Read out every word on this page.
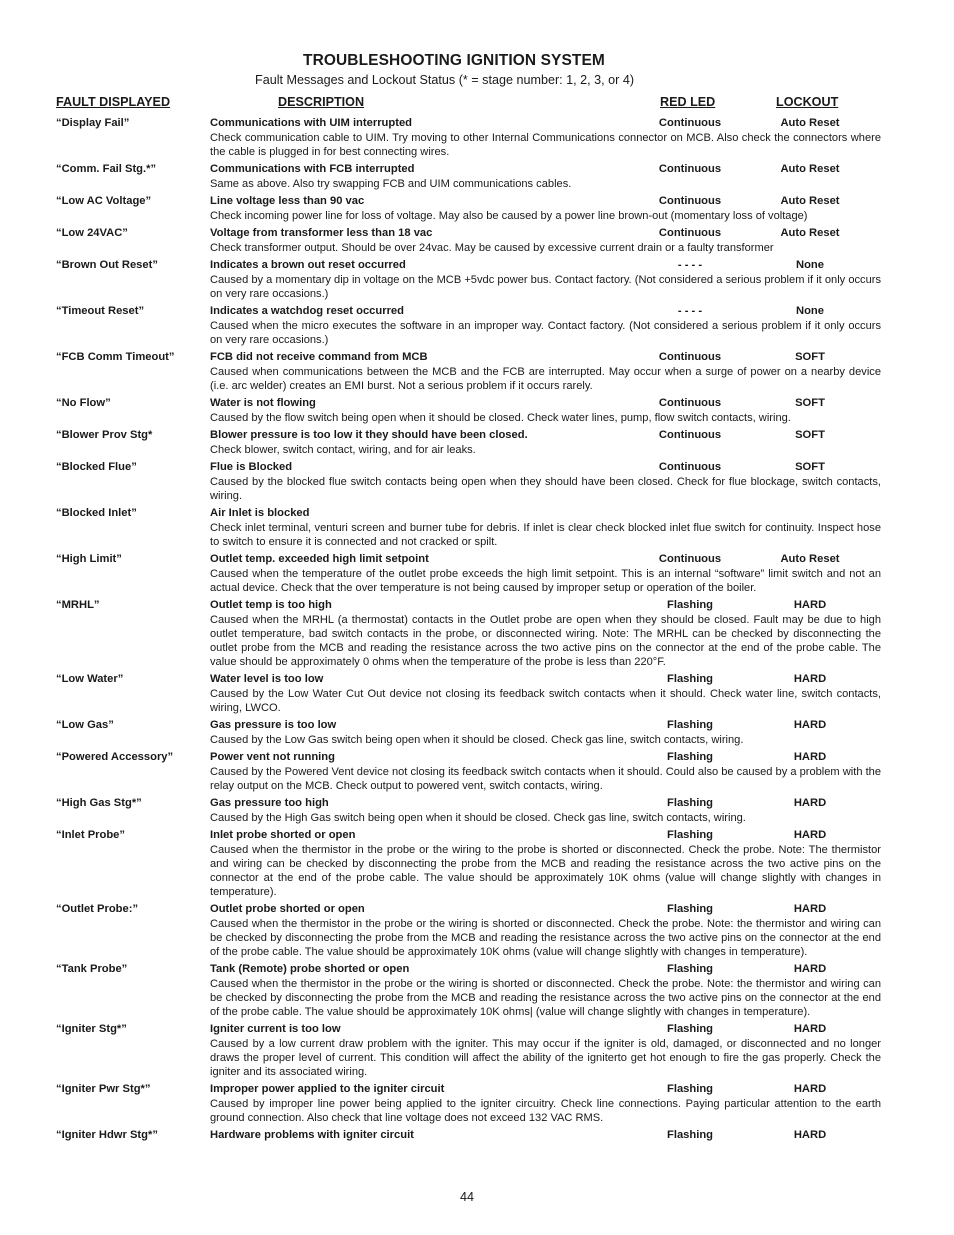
TROUBLESHOOTING IGNITION SYSTEM

Fault Messages and Lockout Status (* = stage number: 1, 2, 3, or 4)

FAULT DISPLAYED	DESCRIPTION	RED LED	LOCKOUT
“Display Fail”	Communications with UIM interrupted	Continuous	Auto Reset

Check communication cable to UIM. Try moving to other Internal Communications connector on MCB. Also check the connectors where the cable is plugged in for best connecting wires.

“Comm. Fail Stg.*”	Communications with FCB interrupted	Continuous	Auto Reset

Same as above. Also try swapping FCB and UIM communications cables.

“Low AC Voltage”	Line voltage less than 90 vac	Continuous	Auto Reset

Check incoming power line for loss of voltage. May also be caused by a power line brown-out (momentary loss of voltage)

“Low 24VAC”	Voltage from transformer less than 18 vac	Continuous	Auto Reset

Check transformer output. Should be over 24vac. May be caused by excessive current drain or a faulty transformer

“Brown Out Reset”	Indicates a brown out reset occurred	- - - -	None

Caused by a momentary dip in voltage on the MCB +5vdc power bus. Contact factory. (Not considered a serious problem if it only occurs on very rare occasions.)

“Timeout Reset”	Indicates a watchdog reset occurred	- - - -	None

Caused when the micro executes the software in an improper way. Contact factory. (Not considered a serious problem if it only occurs on very rare occasions.)

“FCB Comm Timeout”	FCB did not receive command from MCB	Continuous	SOFT

Caused when communications between the MCB and the FCB are interrupted. May occur when a surge of power on a nearby device (i.e. arc welder) creates an EMI burst. Not a serious problem if it occurs rarely.

“No Flow”	Water is not flowing	Continuous	SOFT

Caused by the flow switch being open when it should be closed. Check water lines, pump, flow switch contacts, wiring.

“Blower Prov Stg*	Blower pressure is too low it they should have been closed.	Continuous	SOFT

Check blower, switch contact, wiring, and for air leaks.

“Blocked Flue”	Flue is Blocked	Continuous	SOFT

Caused by the blocked flue switch contacts being open when they should have been closed. Check for flue blockage, switch contacts, wiring.

“Blocked Inlet”	Air Inlet is blocked

Check inlet terminal, venturi screen and burner tube for debris. If inlet is clear check blocked inlet flue switch for continuity. Inspect hose to switch to ensure it is connected and not cracked or spilt.

“High Limit”	Outlet temp. exceeded high limit setpoint	Continuous	Auto Reset

Caused when the temperature of the outlet probe exceeds the high limit setpoint. This is an internal “software” limit switch and not an actual device. Check that the over temperature is not being caused by improper setup or operation of the boiler.

“MRHL”	Outlet temp is too high	Flashing	HARD

Caused when the MRHL (a thermostat) contacts in the Outlet probe are open when they should be closed. Fault may be due to high outlet temperature, bad switch contacts in the probe, or disconnected wiring. Note: The MRHL can be checked by disconnecting the outlet probe from the MCB and reading the resistance across the two active pins on the connector at the end of the probe cable. The value should be approximately 0 ohms when the temperature of the probe is less than 220°F.

“Low Water”	Water level is too low	Flashing	HARD

Caused by the Low Water Cut Out device not closing its feedback switch contacts when it should. Check water line, switch contacts, wiring, LWCO.

“Low Gas”	Gas pressure is too low	Flashing	HARD

Caused by the Low Gas switch being open when it should be closed. Check gas line, switch contacts, wiring.

“Powered Accessory”	Power vent not running	Flashing	HARD

Caused by the Powered Vent device not closing its feedback switch contacts when it should. Could also be caused by a problem with the relay output on the MCB. Check output to powered vent, switch contacts, wiring.

“High Gas Stg*”	Gas pressure too high	Flashing	HARD

Caused by the High Gas switch being open when it should be closed. Check gas line, switch contacts, wiring.

“Inlet Probe”	Inlet probe shorted or open	Flashing	HARD

Caused when the thermistor in the probe or the wiring to the probe is shorted or disconnected. Check the probe. Note: The thermistor and wiring can be checked by disconnecting the probe from the MCB and reading the resistance across the two active pins on the connector at the end of the probe cable. The value should be approximately 10K ohms (value will change slightly with changes in temperature).

“Outlet Probe:”	Outlet probe shorted or open	Flashing	HARD

Caused when the thermistor in the probe or the wiring is shorted or disconnected. Check the probe. Note: the thermistor and wiring can be checked by disconnecting the probe from the MCB and reading the resistance across the two active pins on the connector at the end of the probe cable. The value should be approximately 10K ohms (value will change slightly with changes in temperature).

“Tank Probe”	Tank (Remote) probe shorted or open	Flashing	HARD

Caused when the thermistor in the probe or the wiring is shorted or disconnected. Check the probe. Note: the thermistor and wiring can be checked by disconnecting the probe from the MCB and reading the resistance across the two active pins on the connector at the end of the probe cable. The value should be approximately 10K ohms| (value will change slightly with changes in temperature).

“Igniter Stg*”	Igniter current is too low	Flashing	HARD

Caused by a low current draw problem with the igniter. This may occur if the igniter is old, damaged, or disconnected and no longer draws the proper level of current. This condition will affect the ability of the igniterto get hot enough to fire the gas properly. Check the igniter and its associated wiring.

“Igniter Pwr Stg*”	Improper power applied to the igniter circuit	Flashing	HARD

Caused by improper line power being applied to the igniter circuitry. Check line connections. Paying particular attention to the earth ground connection. Also check that line voltage does not exceed 132 VAC RMS.

“Igniter Hdwr Stg*”	Hardware problems with igniter circuit	Flashing	HARD

44
